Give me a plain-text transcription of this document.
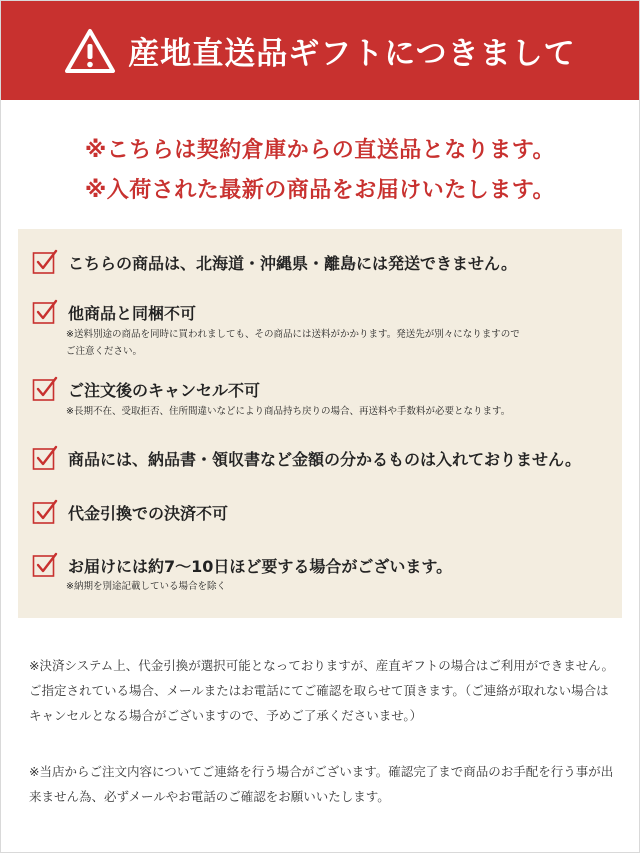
産地直送品ギフトにつきまして
※こちらは契約倉庫からの直送品となります。
※入荷された最新の商品をお届けいたします。
こちらの商品は、北海道・沖縄県・離島には発送できません。
他商品と同梱不可
※送料別途の商品を同時に買われましても、その商品には送料がかかります。発送先が別々になりますので
ご注意ください。
ご注文後のキャンセル不可
※長期不在、受取拒否、住所間違いなどにより商品持ち戻りの場合、再送料や手数料が必要となります。
商品には、納品書・領収書など金額の分かるものは入れておりません。
代金引換での決済不可
お届けには約7〜10日ほど要する場合がございます。
※納期を別途記載している場合を除く
※決済システム上、代金引換が選択可能となっておりますが、産直ギフトの場合はご利用ができません。ご指定されている場合、メールまたはお電話にてご確認を取らせて頂きます。（ご連絡が取れない場合はキャンセルとなる場合がございますので、予めご了承くださいませ。）
※当店からご注文内容についてご連絡を行う場合がございます。確認完了まで商品のお手配を行う事が出来ません為、必ずメールやお電話のご確認をお願いいたします。
